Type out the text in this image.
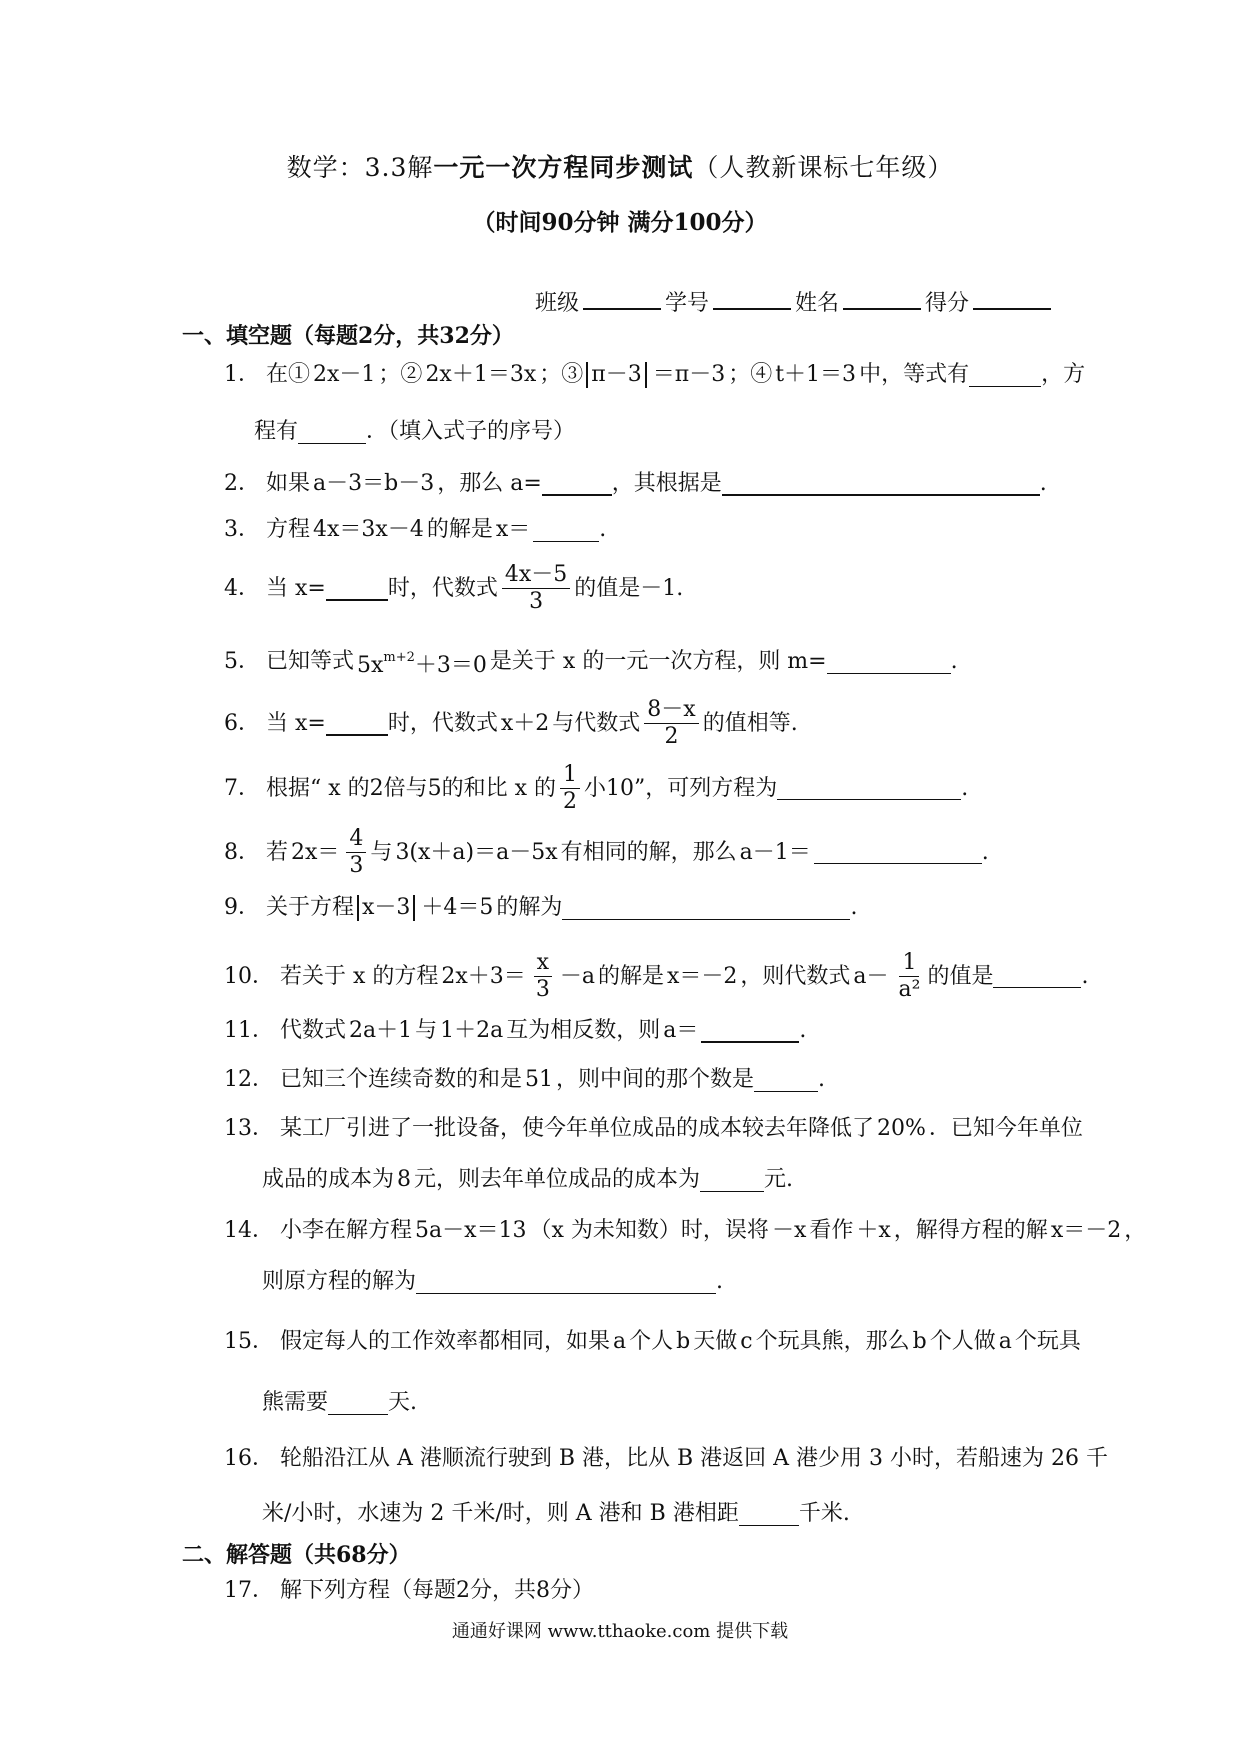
数学：3.3解一元一次方程同步测试（人教新课标七年级）
（时间90分钟 满分100分）
班级	学号	姓名	得分
一、填空题（每题2分，共32分）
1． 在① 2x－1 ；② 2x＋1＝3x ；③ π－3 ＝π－3 ；④ t＋1＝3 中，等式有	，方
程有	．（填入式子的序号）
2． 如果 a－3＝b－3 ，那么 a=	，其根据是	.
3． 方程 4x＝3x－4 的解是 x＝	.
4． 当 x=	时，代数式 $\frac{4x-5}{3}$ 的值是－1.
5． 已知等式 $5x^{m+2}+3=0$ 是关于 x 的一元一次方程，则 m=	.
6． 当 x=	时，代数式 x＋2 与代数式 $\frac{8-x}{2}$ 的值相等.
7． 根据“ x 的2倍与5的和比 x 的 $\frac{1}{2}$ 小10”，可列方程为	.
8． 若 $2x= \frac{4}{3}$ 与 3(x＋a)＝a－5x 有相同的解，那么 a－1＝	.
9． 关于方程 x－3 ＋4＝5 的解为	.
10． 若关于 x 的方程 $2x+3= \frac{x}{3} -a$ 的解是 x＝－2 ，则代数式 $a- \frac{1}{\text{a²}}$ 的值是	.
11． 代数式 2a＋1 与 1＋2a 互为相反数，则 a＝	.
12． 已知三个连续奇数的和是 51 ，则中间的那个数是	.
13． 某工厂引进了一批设备，使今年单位成品的成本较去年降低了 20% ．已知今年单位
成品的成本为 8 元，则去年单位成品的成本为	元.
14． 小李在解方程 5a－x＝13 （x 为未知数）时，误将 －x 看作 ＋x ，解得方程的解 x＝－2 ，
则原方程的解为	.
15． 假定每人的工作效率都相同，如果 a 个人 b 天做 c 个玩具熊，那么 b 个人做 a 个玩具
熊需要	天.
16． 轮船沿江从 A 港顺流行驶到 B 港，比从 B 港返回 A 港少用 3 小时，若船速为 26 千
米/小时，水速为 2 千米/时，则 A 港和 B 港相距	千米.
二、解答题（共68分）
17． 解下列方程（每题2分，共8分）
通通好课网 www.tthaoke.com 提供下载
